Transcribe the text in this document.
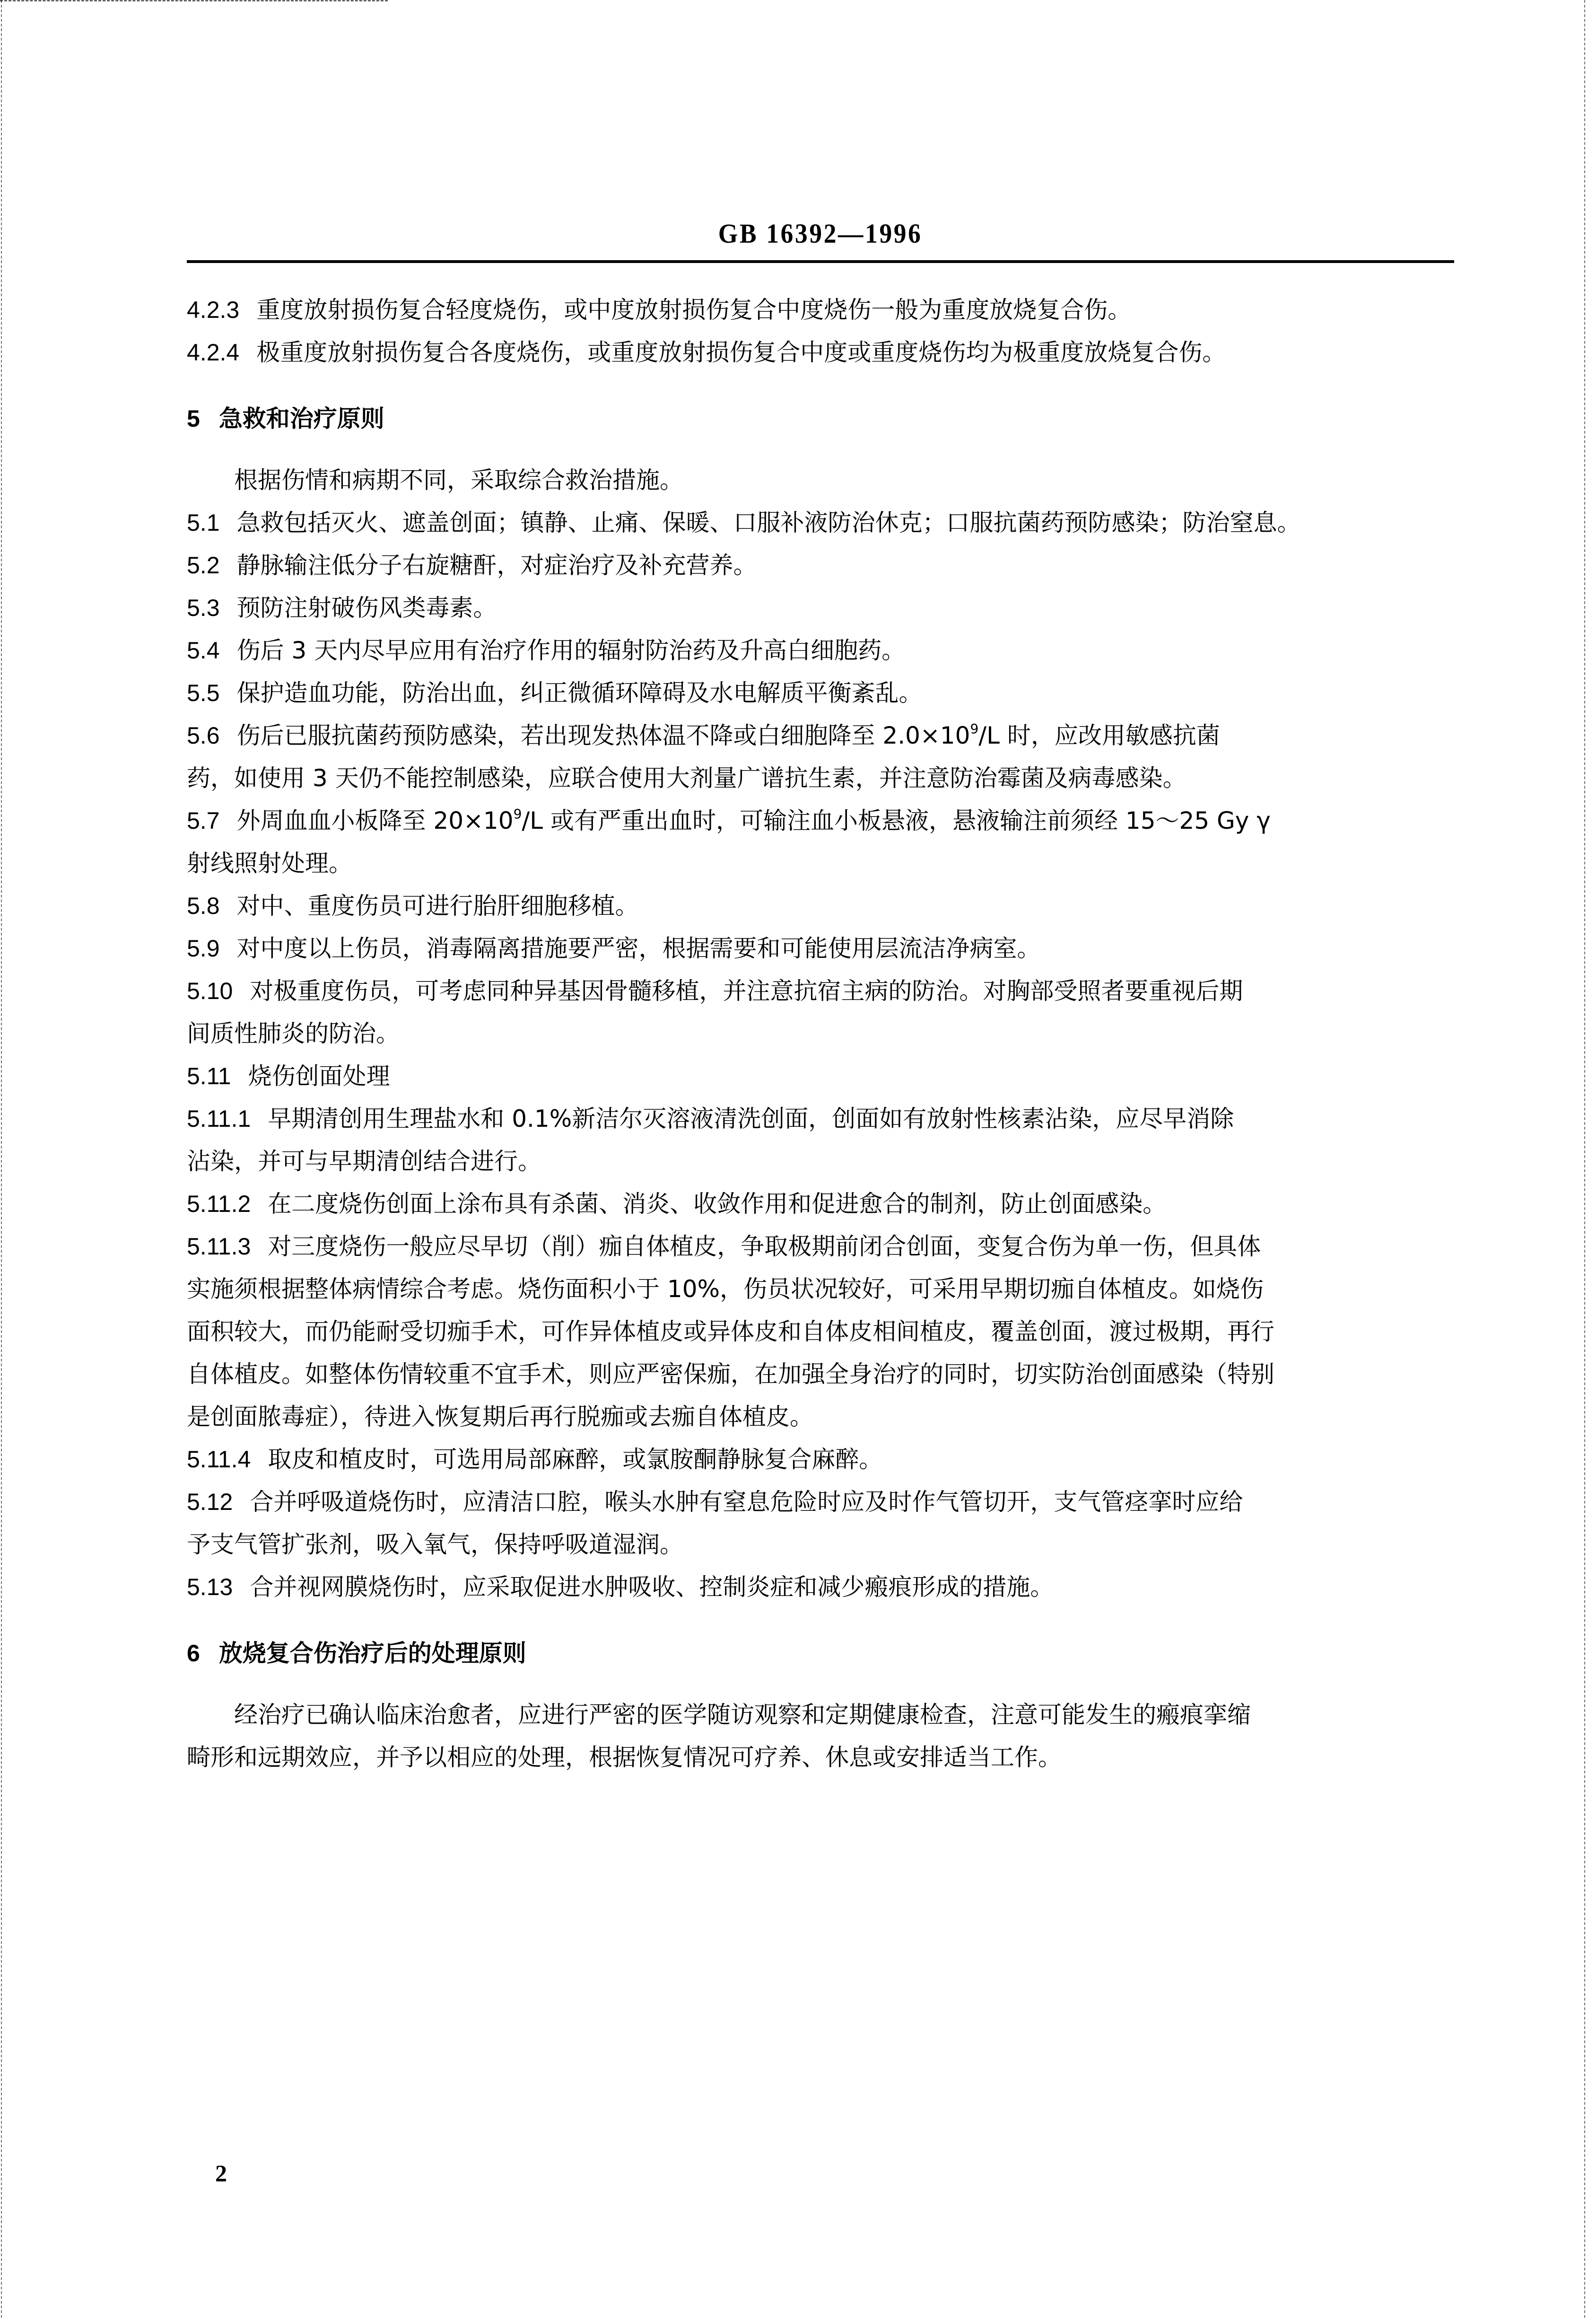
GB 16392—1996
4.2.3 重度放射损伤复合轻度烧伤，或中度放射损伤复合中度烧伤一般为重度放烧复合伤。
4.2.4 极重度放射损伤复合各度烧伤，或重度放射损伤复合中度或重度烧伤均为极重度放烧复合伤。
5 急救和治疗原则
根据伤情和病期不同，采取综合救治措施。
5.1 急救包括灭火、遮盖创面；镇静、止痛、保暖、口服补液防治休克；口服抗菌药预防感染；防治窒息。
5.2 静脉输注低分子右旋糖酐，对症治疗及补充营养。
5.3 预防注射破伤风类毒素。
5.4 伤后 3 天内尽早应用有治疗作用的辐射防治药及升高白细胞药。
5.5 保护造血功能，防治出血，纠正微循环障碍及水电解质平衡紊乱。
5.6 伤后已服抗菌药预防感染，若出现发热体温不降或白细胞降至 $2.0\times 10^9/L$ 时，应改用敏感抗菌
药，如使用 3 天仍不能控制感染，应联合使用大剂量广谱抗生素，并注意防治霉菌及病毒感染。
5.7 外周血血小板降至 $20\times 10^9/L$ 或有严重出血时，可输注血小板悬液，悬液输注前须经 15～25 Gy γ
射线照射处理。
5.8 对中、重度伤员可进行胎肝细胞移植。
5.9 对中度以上伤员，消毒隔离措施要严密，根据需要和可能使用层流洁净病室。
5.10 对极重度伤员，可考虑同种异基因骨髓移植，并注意抗宿主病的防治。对胸部受照者要重视后期
间质性肺炎的防治。
5.11 烧伤创面处理
5.11.1 早期清创用生理盐水和 0.1%新洁尔灭溶液清洗创面，创面如有放射性核素沾染，应尽早消除
沾染，并可与早期清创结合进行。
5.11.2 在二度烧伤创面上涂布具有杀菌、消炎、收敛作用和促进愈合的制剂，防止创面感染。
5.11.3 对三度烧伤一般应尽早切（削）痂自体植皮，争取极期前闭合创面，变复合伤为单一伤，但具体
实施须根据整体病情综合考虑。烧伤面积小于 10%，伤员状况较好，可采用早期切痂自体植皮。如烧伤
面积较大，而仍能耐受切痂手术，可作异体植皮或异体皮和自体皮相间植皮，覆盖创面，渡过极期，再行
自体植皮。如整体伤情较重不宜手术，则应严密保痂，在加强全身治疗的同时，切实防治创面感染（特别
是创面脓毒症），待进入恢复期后再行脱痂或去痂自体植皮。
5.11.4 取皮和植皮时，可选用局部麻醉，或氯胺酮静脉复合麻醉。
5.12 合并呼吸道烧伤时，应清洁口腔，喉头水肿有窒息危险时应及时作气管切开，支气管痉挛时应给
予支气管扩张剂，吸入氧气，保持呼吸道湿润。
5.13 合并视网膜烧伤时，应采取促进水肿吸收、控制炎症和减少瘢痕形成的措施。
6 放烧复合伤治疗后的处理原则
经治疗已确认临床治愈者，应进行严密的医学随访观察和定期健康检查，注意可能发生的瘢痕挛缩
畸形和远期效应，并予以相应的处理，根据恢复情况可疗养、休息或安排适当工作。
2
